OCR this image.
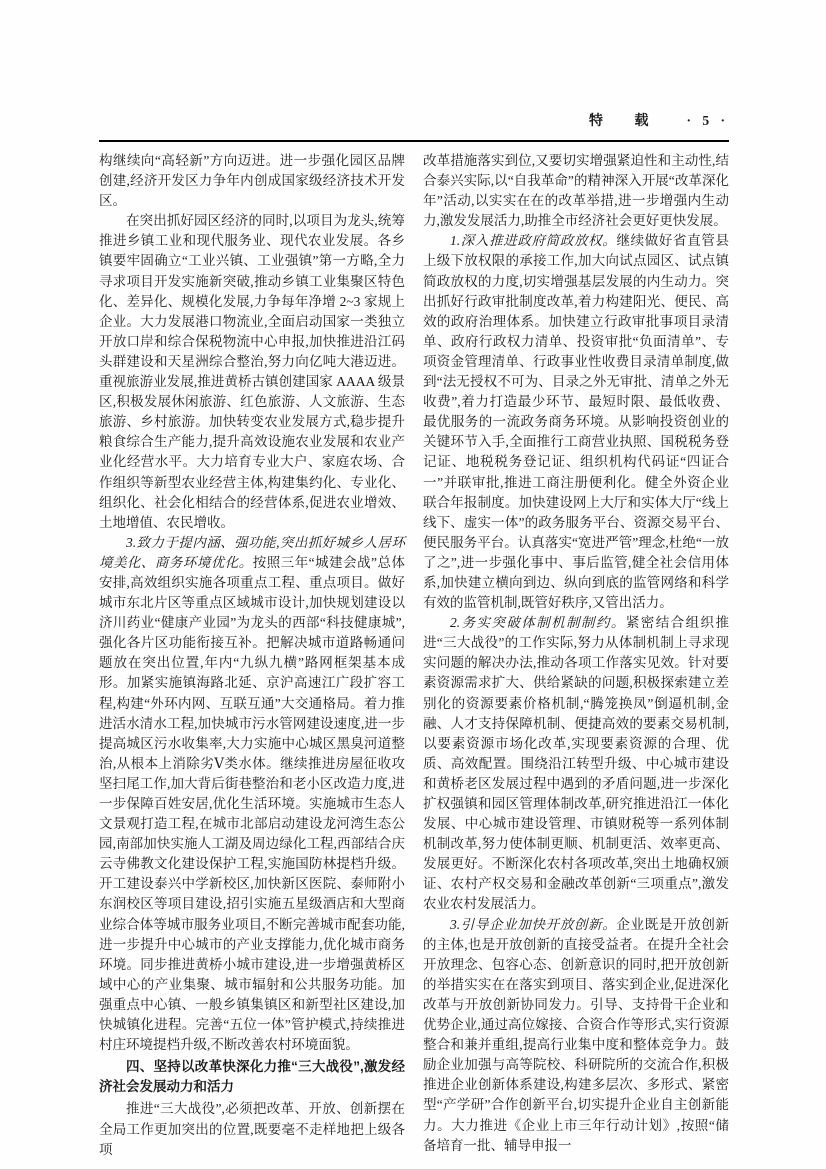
特 载 · 5 ·

构继续向“高轻新”方向迈进。进一步强化园区品牌创建,经济开发区力争年内创成国家级经济技术开发区。

在突出抓好园区经济的同时,以项目为龙头,统筹推进乡镇工业和现代服务业、现代农业发展。各乡镇要牢固确立“工业兴镇、工业强镇”第一方略,全力寻求项目开发实施新突破,推动乡镇工业集聚区特色化、差异化、规模化发展,力争每年净增 2~3 家规上企业。大力发展港口物流业,全面启动国家一类独立开放口岸和综合保税物流中心申报,加快推进沿江码头群建设和天星洲综合整治,努力向亿吨大港迈进。重视旅游业发展,推进黄桥古镇创建国家 AAAA 级景区,积极发展休闲旅游、红色旅游、人文旅游、生态旅游、乡村旅游。加快转变农业发展方式,稳步提升粮食综合生产能力,提升高效设施农业发展和农业产业化经营水平。大力培育专业大户、家庭农场、合作组织等新型农业经营主体,构建集约化、专业化、组织化、社会化相结合的经营体系,促进农业增效、土地增值、农民增收。

3.致力于提内涵、强功能,突出抓好城乡人居环境美化、商务环境优化。按照三年“城建会战”总体安排,高效组织实施各项重点工程、重点项目。做好城市东北片区等重点区域城市设计,加快规划建设以济川药业“健康产业园”为龙头的西部“科技健康城”,强化各片区功能衔接互补。把解决城市道路畅通问题放在突出位置,年内“九纵九横”路网框架基本成形。加紧实施镇海路北延、京沪高速江广段扩容工程,构建“外环内网、互联互通”大交通格局。着力推进活水清水工程,加快城市污水管网建设速度,进一步提高城区污水收集率,大力实施中心城区黑臭河道整治,从根本上消除劣Ⅴ类水体。继续推进房屋征收攻坚扫尾工作,加大背后街巷整治和老小区改造力度,进一步保障百姓安居,优化生活环境。实施城市生态人文景观打造工程,在城市北部启动建设龙河湾生态公园,南部加快实施人工湖及周边绿化工程,西部结合庆云寺佛教文化建设保护工程,实施国防林提档升级。开工建设泰兴中学新校区,加快新区医院、泰师附小东润校区等项目建设,招引实施五星级酒店和大型商业综合体等城市服务业项目,不断完善城市配套功能,进一步提升中心城市的产业支撑能力,优化城市商务环境。同步推进黄桥小城市建设,进一步增强黄桥区域中心的产业集聚、城市辐射和公共服务功能。加强重点中心镇、一般乡镇集镇区和新型社区建设,加快城镇化进程。完善“五位一体”管护模式,持续推进村庄环境提档升级,不断改善农村环境面貌。

四、坚持以改革快深化力推“三大战役”,激发经济社会发展动力和活力

推进“三大战役”,必须把改革、开放、创新摆在全局工作更加突出的位置,既要毫不走样地把上级各项

改革措施落实到位,又要切实增强紧迫性和主动性,结合泰兴实际,以“自我革命”的精神深入开展“改革深化年”活动,以实实在在的改革举措,进一步增强内生动力,激发发展活力,助推全市经济社会更好更快发展。

1.深入推进政府简政放权。继续做好省直管县上级下放权限的承接工作,加大向试点园区、试点镇简政放权的力度,切实增强基层发展的内生动力。突出抓好行政审批制度改革,着力构建阳光、便民、高效的政府治理体系。加快建立行政审批事项目录清单、政府行政权力清单、投资审批“负面清单”、专项资金管理清单、行政事业性收费目录清单制度,做到“法无授权不可为、目录之外无审批、清单之外无收费”,着力打造最少环节、最短时限、最低收费、最优服务的一流政务商务环境。从影响投资创业的关键环节入手,全面推行工商营业执照、国税税务登记证、地税税务登记证、组织机构代码证“四证合一”并联审批,推进工商注册便利化。健全外资企业联合年报制度。加快建设网上大厅和实体大厅“线上线下、虚实一体”的政务服务平台、资源交易平台、便民服务平台。认真落实“宽进严管”理念,杜绝“一放了之”,进一步强化事中、事后监管,健全社会信用体系,加快建立横向到边、纵向到底的监管网络和科学有效的监管机制,既管好秩序,又管出活力。

2.务实突破体制机制制约。紧密结合组织推进“三大战役”的工作实际,努力从体制机制上寻求现实问题的解决办法,推动各项工作落实见效。针对要素资源需求扩大、供给紧缺的问题,积极探索建立差别化的资源要素价格机制,“腾笼换凤”倒逼机制,金融、人才支持保障机制、便捷高效的要素交易机制,以要素资源市场化改革,实现要素资源的合理、优质、高效配置。围绕沿江转型升级、中心城市建设和黄桥老区发展过程中遇到的矛盾问题,进一步深化扩权强镇和园区管理体制改革,研究推进沿江一体化发展、中心城市建设管理、市镇财税等一系列体制机制改革,努力使体制更顺、机制更活、效率更高、发展更好。不断深化农村各项改革,突出土地确权颁证、农村产权交易和金融改革创新“三项重点”,激发农业农村发展活力。

3.引导企业加快开放创新。企业既是开放创新的主体,也是开放创新的直接受益者。在提升全社会开放理念、包容心态、创新意识的同时,把开放创新的举措实实在在落实到项目、落实到企业,促进深化改革与开放创新协同发力。引导、支持骨干企业和优势企业,通过高位嫁接、合资合作等形式,实行资源整合和兼并重组,提高行业集中度和整体竞争力。鼓励企业加强与高等院校、科研院所的交流合作,积极推进企业创新体系建设,构建多层次、多形式、紧密型“产学研”合作创新平台,切实提升企业自主创新能力。大力推进《企业上市三年行动计划》,按照“储备培育一批、辅导申报一
